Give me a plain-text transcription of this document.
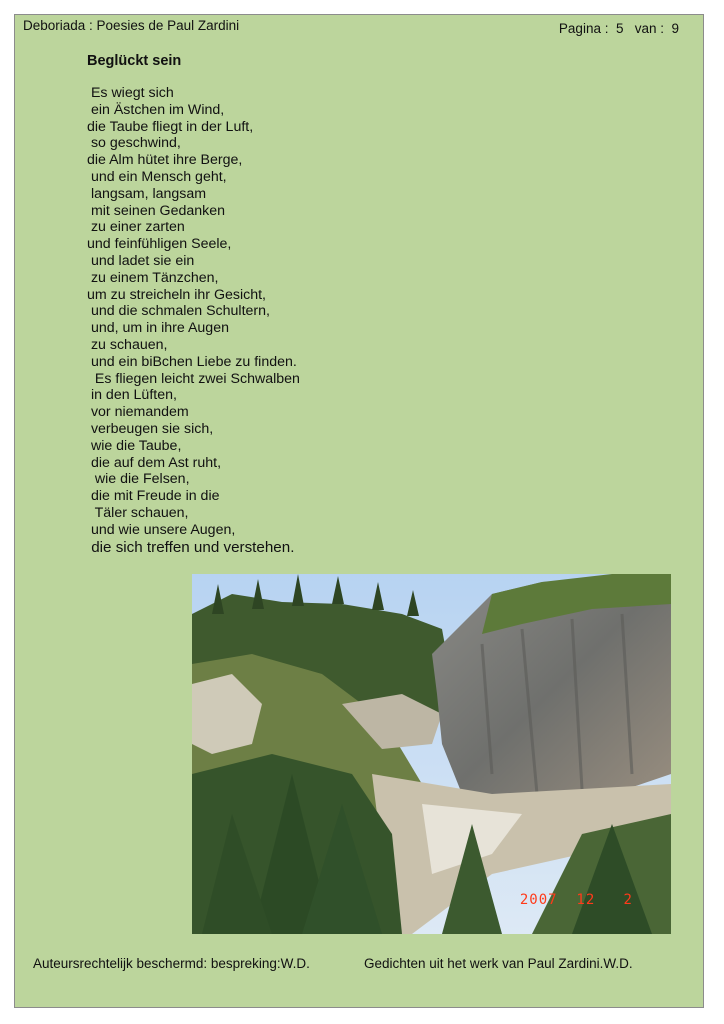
Deboriada : Poesies de Paul Zardini	Pagina :  5   van :  9
Beglückt sein
Es wiegt sich
ein Ästchen im Wind,
die Taube fliegt in der Luft,
so geschwind,
die Alm hütet ihre Berge,
und ein Mensch geht,
langsam, langsam
mit seinen Gedanken
zu einer zarten
und feinfühligen Seele,
und ladet sie ein
zu einem Tänzchen,
um zu streicheln ihr Gesicht,
und die schmalen Schultern,
und, um in ihre Augen
zu schauen,
und ein biBchen Liebe zu finden.
Es fliegen leicht zwei Schwalben
in den Lüften,
vor niemandem
verbeugen sie sich,
wie die Taube,
die auf dem Ast ruht,
wie die Felsen,
die mit Freude in die
Täler schauen,
und wie unsere Augen,
die sich treffen und verstehen.
2007  12   2
Auteursrechtelijk beschermd: bespreking:W.D.	Gedichten uit het werk van Paul Zardini.W.D.
